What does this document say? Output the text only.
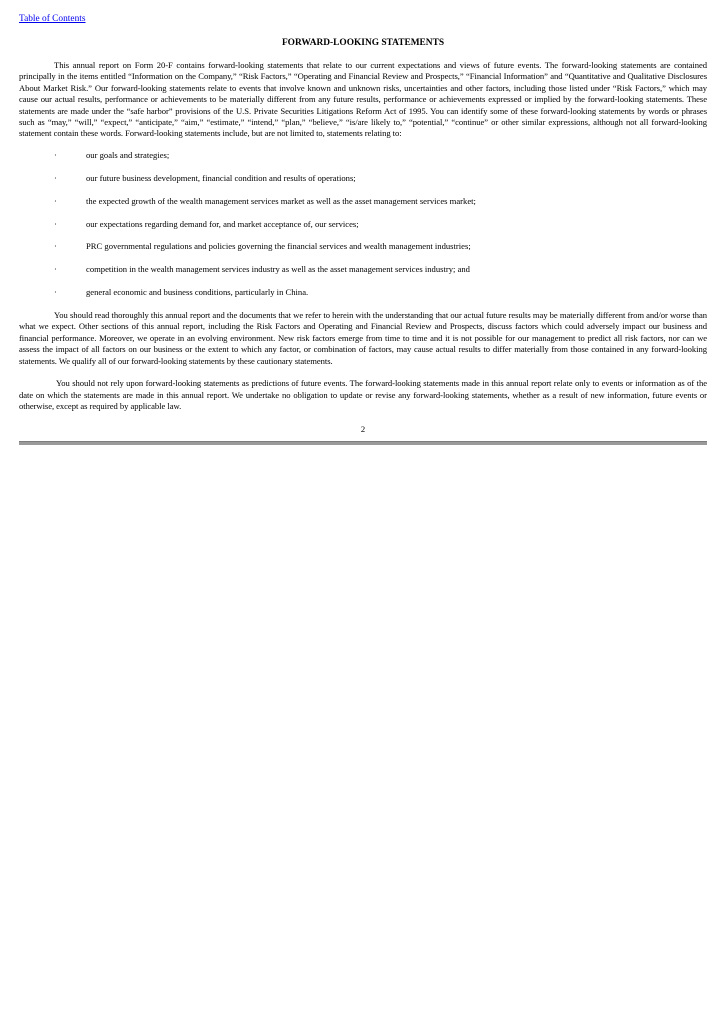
Table of Contents
FORWARD-LOOKING STATEMENTS

This annual report on Form 20-F contains forward-looking statements that relate to our current expectations and views of future events. The forward-looking statements are contained principally in the items entitled “Information on the Company,” “Risk Factors,” “Operating and Financial Review and Prospects,” “Financial Information” and “Quantitative and Qualitative Disclosures About Market Risk.” Our forward-looking statements relate to events that involve known and unknown risks, uncertainties and other factors, including those listed under “Risk Factors,” which may cause our actual results, performance or achievements to be materially different from any future results, performance or achievements expressed or implied by the forward-looking statements. These statements are made under the “safe harbor” provisions of the U.S. Private Securities Litigations Reform Act of 1995. You can identify some of these forward-looking statements by words or phrases such as “may,” “will,” “expect,” “anticipate,” “aim,” “estimate,” “intend,” “plan,” “believe,” “is/are likely to,” “potential,” “continue” or other similar expressions, although not all forward-looking statement contain these words. Forward-looking statements include, but are not limited to, statements relating to:

·	our goals and strategies;
·	our future business development, financial condition and results of operations;
·	the expected growth of the wealth management services market as well as the asset management services market;
·	our expectations regarding demand for, and market acceptance of, our services;
·	PRC governmental regulations and policies governing the financial services and wealth management industries;
·	competition in the wealth management services industry as well as the asset management services industry; and
·	general economic and business conditions, particularly in China.

You should read thoroughly this annual report and the documents that we refer to herein with the understanding that our actual future results may be materially different from and/or worse than what we expect. Other sections of this annual report, including the Risk Factors and Operating and Financial Review and Prospects, discuss factors which could adversely impact our business and financial performance. Moreover, we operate in an evolving environment. New risk factors emerge from time to time and it is not possible for our management to predict all risk factors, nor can we assess the impact of all factors on our business or the extent to which any factor, or combination of factors, may cause actual results to differ materially from those contained in any forward-looking statements. We qualify all of our forward-looking statements by these cautionary statements.

You should not rely upon forward-looking statements as predictions of future events. The forward-looking statements made in this annual report relate only to events or information as of the date on which the statements are made in this annual report. We undertake no obligation to update or revise any forward-looking statements, whether as a result of new information, future events or otherwise, except as required by applicable law.

2
